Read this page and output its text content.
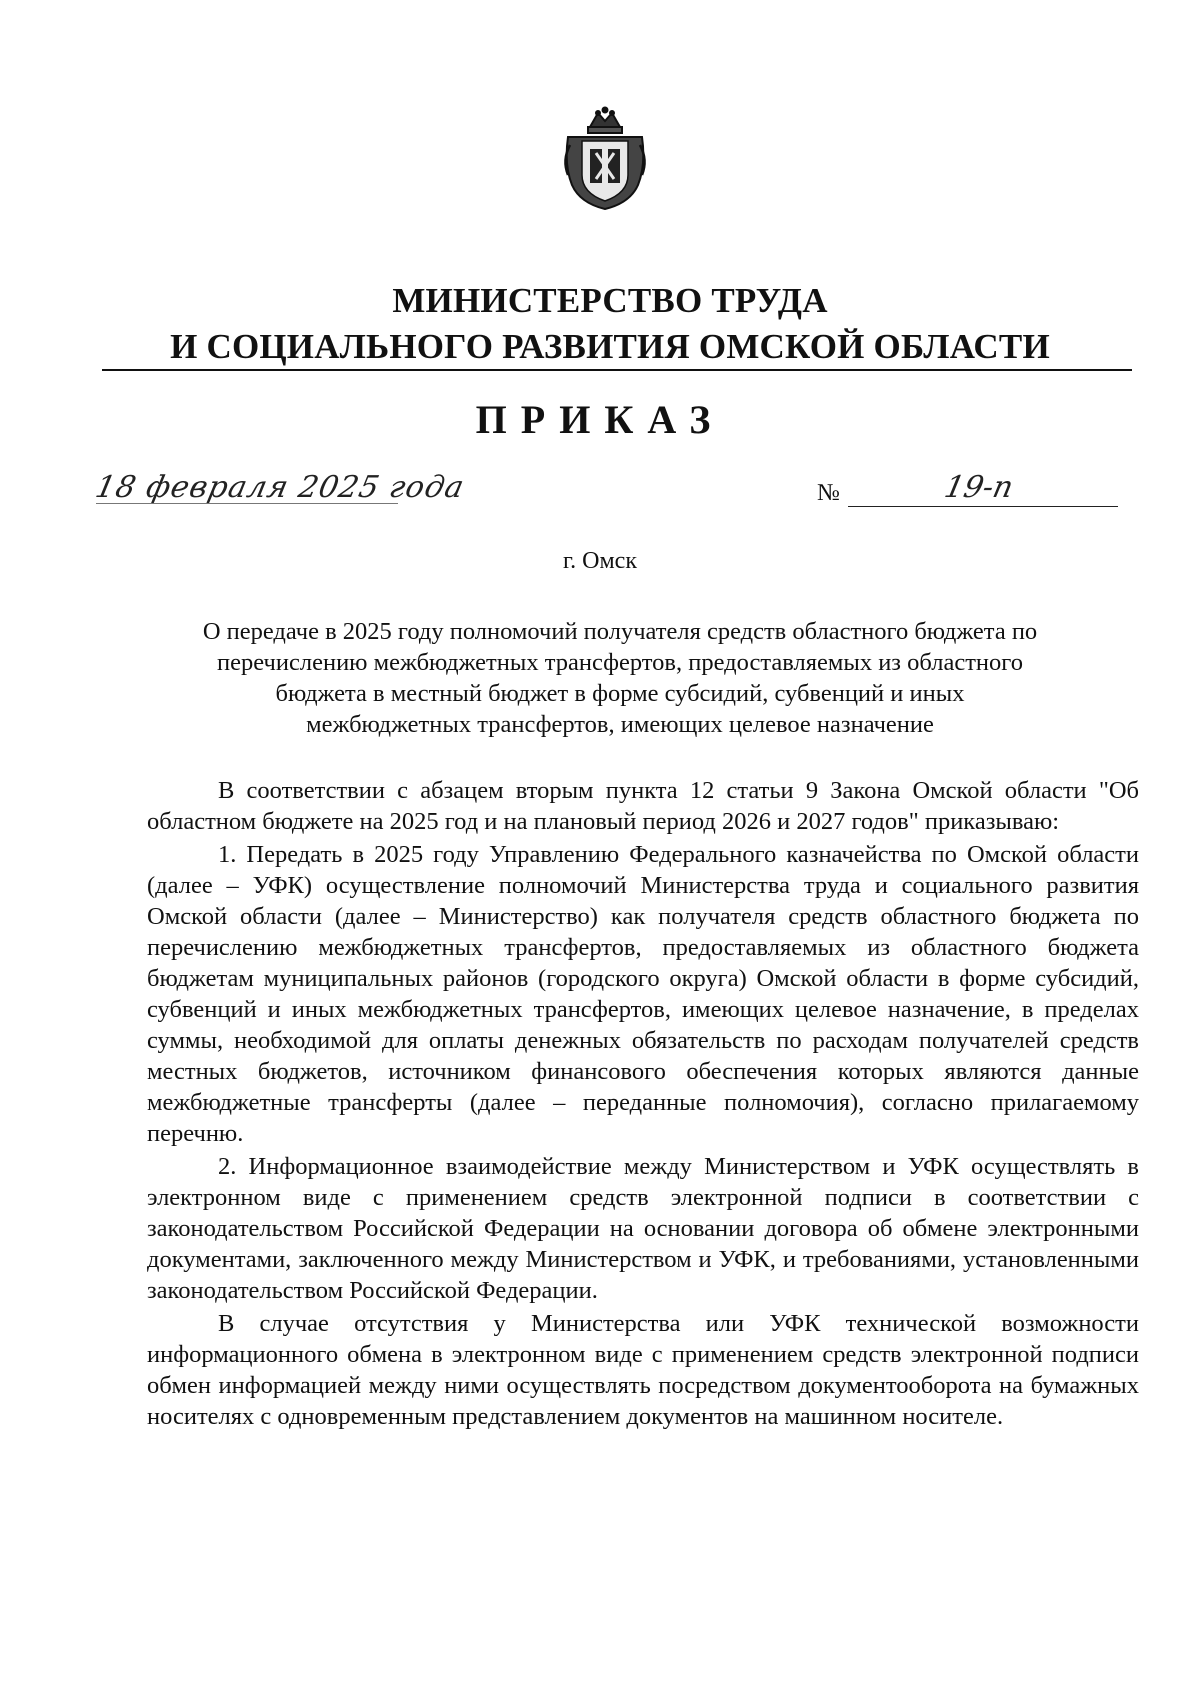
МИНИСТЕРСТВО ТРУДА
И СОЦИАЛЬНОГО РАЗВИТИЯ ОМСКОЙ ОБЛАСТИ
ПРИКАЗ
18 февраля 2025 года	№	19-п
г. Омск
О передаче в 2025 году полномочий получателя средств областного бюджета по
перечислению межбюджетных трансфертов, предоставляемых из областного
бюджета в местный бюджет в форме субсидий, субвенций и иных
межбюджетных трансфертов, имеющих целевое назначение

В соответствии с абзацем вторым пункта 12 статьи 9 Закона Омской области "Об областном бюджете на 2025 год и на плановый период 2026 и 2027 годов" приказываю:

1. Передать в 2025 году Управлению Федерального казначейства по Омской области (далее – УФК) осуществление полномочий Министерства труда и социального развития Омской области (далее – Министерство) как получателя средств областного бюджета по перечислению межбюджетных трансфертов, предоставляемых из областного бюджета бюджетам муниципальных районов (городского округа) Омской области в форме субсидий, субвенций и иных межбюджетных трансфертов, имеющих целевое назначение, в пределах суммы, необходимой для оплаты денежных обязательств по расходам получателей средств местных бюджетов, источником финансового обеспечения которых являются данные межбюджетные трансферты (далее – переданные полномочия), согласно прилагаемому перечню.

2. Информационное взаимодействие между Министерством и УФК осуществлять в электронном виде с применением средств электронной подписи в соответствии с законодательством Российской Федерации на основании договора об обмене электронными документами, заключенного между Министерством и УФК, и требованиями, установленными законодательством Российской Федерации.

В случае отсутствия у Министерства или УФК технической возможности информационного обмена в электронном виде с применением средств электронной подписи обмен информацией между ними осуществлять посредством документооборота на бумажных носителях с одновременным представлением документов на машинном носителе.
